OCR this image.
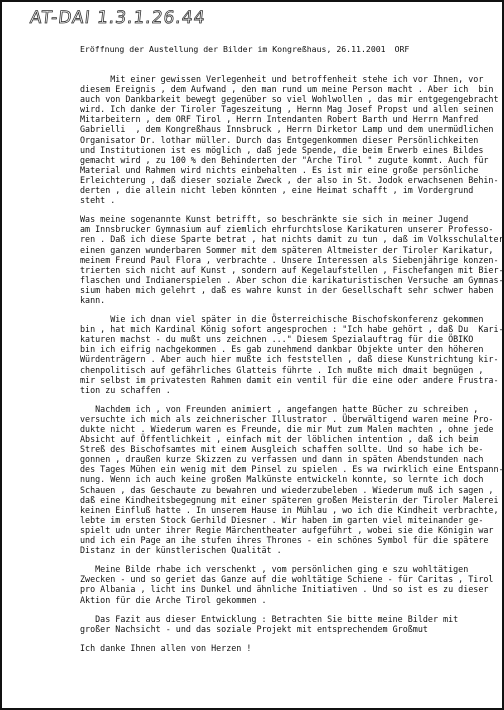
AT-DAI 1.3.1.26.44
Eröffnung der Austellung der Bilder im Kongreßhaus, 26.11.2001 ORF
Mit einer gewissen Verlegenheit und betroffenheit stehe ich vor Ihnen, vor
diesem Ereignis , dem Aufwand , den man rund um meine Person macht . Aber ich  bin
auch von Dankbarkeit bewegt gegenüber so viel Wohlwollen , das mir entgegengebracht
wird. Ich danke der Tiroler Tageszeitung , Hernn Mag Josef Propst und allen seinen
Mitarbeitern , dem ORF Tirol , Herrn Intendanten Robert Barth und Herrn Manfred
Gabrielli  , dem Kongreßhaus Innsbruck , Herrn Dirketor Lamp und dem unermüdlichen
Organisator Dr. lothar müller. Durch das Entgegenkommen dieser Persönlichkeiten
und Institutionen ist es möglich , daß jede Spende, die beim Erwerb eines Bildes
gemacht wird , zu 100 % den Behinderten der "Arche Tirol " zugute kommt. Auch für
Material und Rahmen wird nichts einbehalten . Es ist mir eine große persönliche
Erleichterung , daß dieser soziale Zweck , der also in St. Jodok erwachsenen Behin-
derten , die allein nicht leben könnten , eine Heimat schafft , im Vordergrund
steht .
Was meine sogenannte Kunst betrifft, so beschränkte sie sich in meiner Jugend
am Innsbrucker Gymnasium auf ziemlich ehrfurchtslose Karikaturen unserer Professo-
ren . Daß ich diese Sparte betrat , hat nichts damit zu tun , daß im Volksschulalter
einen ganzen wunderbaren Sommer mit dem späteren Altmeister der Tiroler Karikatur,
meinem Freund Paul Flora , verbrachte . Unsere Interessen als Siebenjährige konzen-
trierten sich nicht auf Kunst , sondern auf Kegelaufstellen , Fischefangen mit Bier-
flaschen und Indianerspielen . Aber schon die karikaturistischen Versuche am Gymnas-
sium haben mich gelehrt , daß es wahre kunst in der Gesellschaft sehr schwer haben
kann.
Wie ich dnan viel später in die Österreichische Bischofskonferenz gekommen
bin , hat mich Kardinal König sofort angesprochen : "Ich habe gehört , daß Du  Kari-
katuren machst - du mußt uns zeichnen ..." Diesem Spezialauftrag für die ÖBIKO
bin ich eifrig nachgekommen . Es gab zunehmend dankbar Objekte unter den höheren
Würdenträgern . Aber auch hier mußte ich feststellen , daß diese Kunstrichtung kir-
chenpolitisch auf gefährliches Glatteis führte . Ich mußte mich dmait begnügen ,
mir selbst im privatesten Rahmen damit ein ventil für die eine oder andere Frustra-
tion zu schaffen .
Nachdem ich , von Freunden animiert , angefangen hatte Bücher zu schreiben ,
versuchte ich mich als zeichnerischer Illustrator . Überwältigend waren meine Pro-
dukte nicht . Wiederum waren es Freunde, die mir Mut zum Malen machten , ohne jede
Absicht auf Öffentlichkeit , einfach mit der löblichen intention , daß ich beim
Streß des Bischofsamtes mit einem Ausgleich schaffen sollte. Und so habe ich be-
gonnen , draußen kurze Skizzen zu verfassen und dann in späten Abendstunden nach
des Tages Mühen ein wenig mit dem Pinsel zu spielen . Es wa rwirklich eine Entspann-
nung. Wenn ich auch keine großen Malkünste entwickeln konnte, so lernte ich doch
Schauen , das Geschaute zu bewahren und wiederzubeleben . Wiederum muß ich sagen ,
daß eine Kindheitsbegegnung mit einer späteren großen Meisterin der Tiroler Malerei
keinen Einfluß hatte . In unserem Hause in Mühlau , wo ich die Kindheit verbrachte,
lebte im ersten Stock Gerhild Diesner . Wir haben im garten viel miteinander ge-
spielt udn unter ihrer Regie Märchentheater aufgeführt , wobei sie die Königin war
und ich ein Page an ihe stufen ihres Thrones - ein schönes Symbol für die spätere
Distanz in der künstlerischen Qualität .
Meine Bilde rhabe ich verschenkt , vom persönlichen ging e szu wohltätigen
Zwecken - und so geriet das Ganze auf die wohltätige Schiene - für Caritas , Tirol
pro Albania , licht ins Dunkel und ähnliche Initiativen . Und so ist es zu dieser
Aktion für die Arche Tirol gekommen .
Das Fazit aus dieser Entwicklung : Betrachten Sie bitte meine Bilder mit
großer Nachsicht - und das soziale Projekt mit entsprechendem Großmut
Ich danke Ihnen allen von Herzen !
